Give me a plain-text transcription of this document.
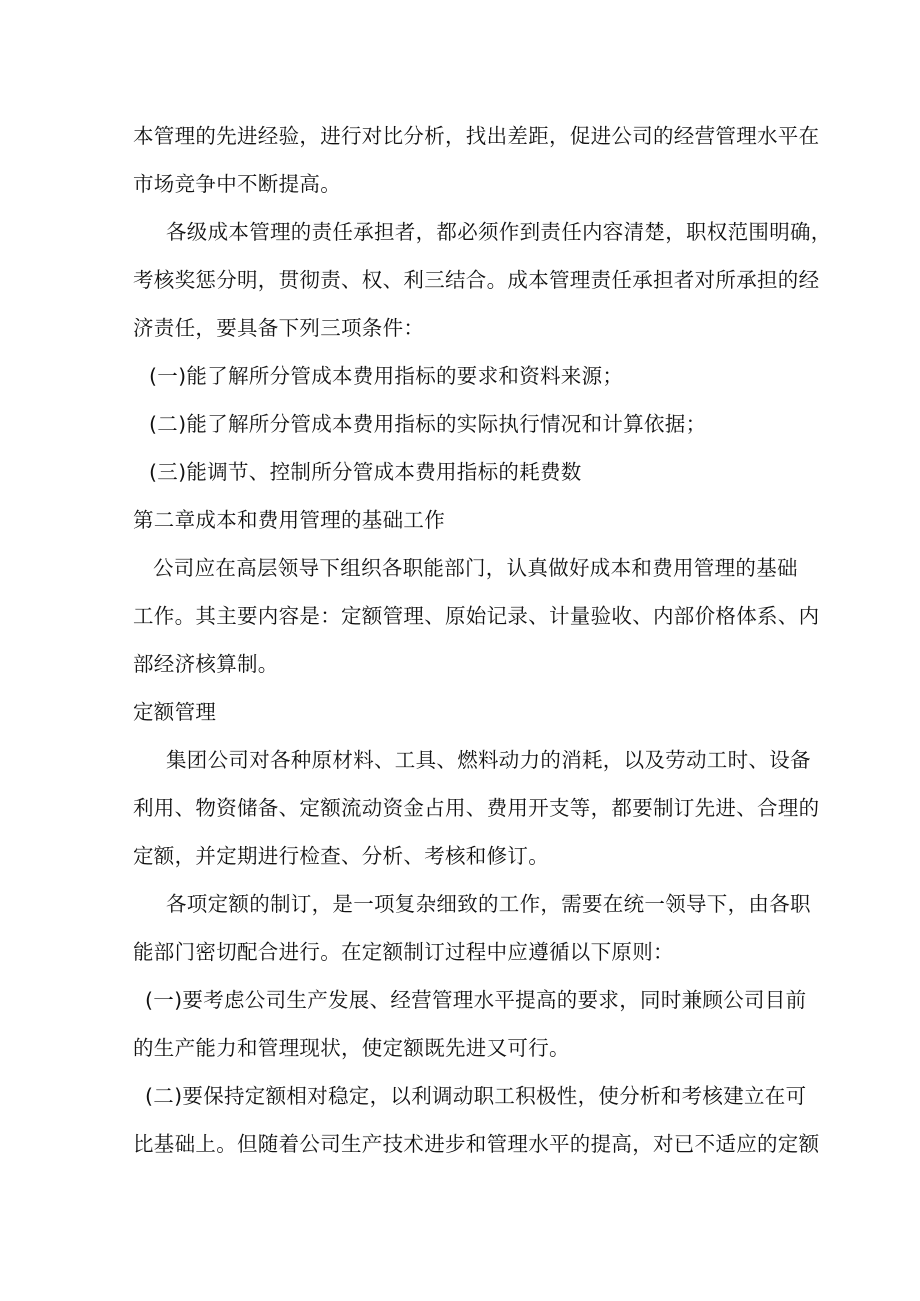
本管理的先进经验，进行对比分析，找出差距，促进公司的经营管理水平在
市场竞争中不断提高。
各级成本管理的责任承担者，都必须作到责任内容清楚，职权范围明确，
考核奖惩分明，贯彻责、权、利三结合。成本管理责任承担者对所承担的经
济责任，要具备下列三项条件：
(一)能了解所分管成本费用指标的要求和资料来源；
(二)能了解所分管成本费用指标的实际执行情况和计算依据；
(三)能调节、控制所分管成本费用指标的耗费数
第二章成本和费用管理的基础工作
公司应在高层领导下组织各职能部门，认真做好成本和费用管理的基础
工作。其主要内容是：定额管理、原始记录、计量验收、内部价格体系、内
部经济核算制。
定额管理
集团公司对各种原材料、工具、燃料动力的消耗，以及劳动工时、设备
利用、物资储备、定额流动资金占用、费用开支等，都要制订先进、合理的
定额，并定期进行检查、分析、考核和修订。
各项定额的制订，是一项复杂细致的工作，需要在统一领导下，由各职
能部门密切配合进行。在定额制订过程中应遵循以下原则：
(一)要考虑公司生产发展、经营管理水平提高的要求，同时兼顾公司目前
的生产能力和管理现状，使定额既先进又可行。
(二)要保持定额相对稳定，以利调动职工积极性，使分析和考核建立在可
比基础上。但随着公司生产技术进步和管理水平的提高，对已不适应的定额
